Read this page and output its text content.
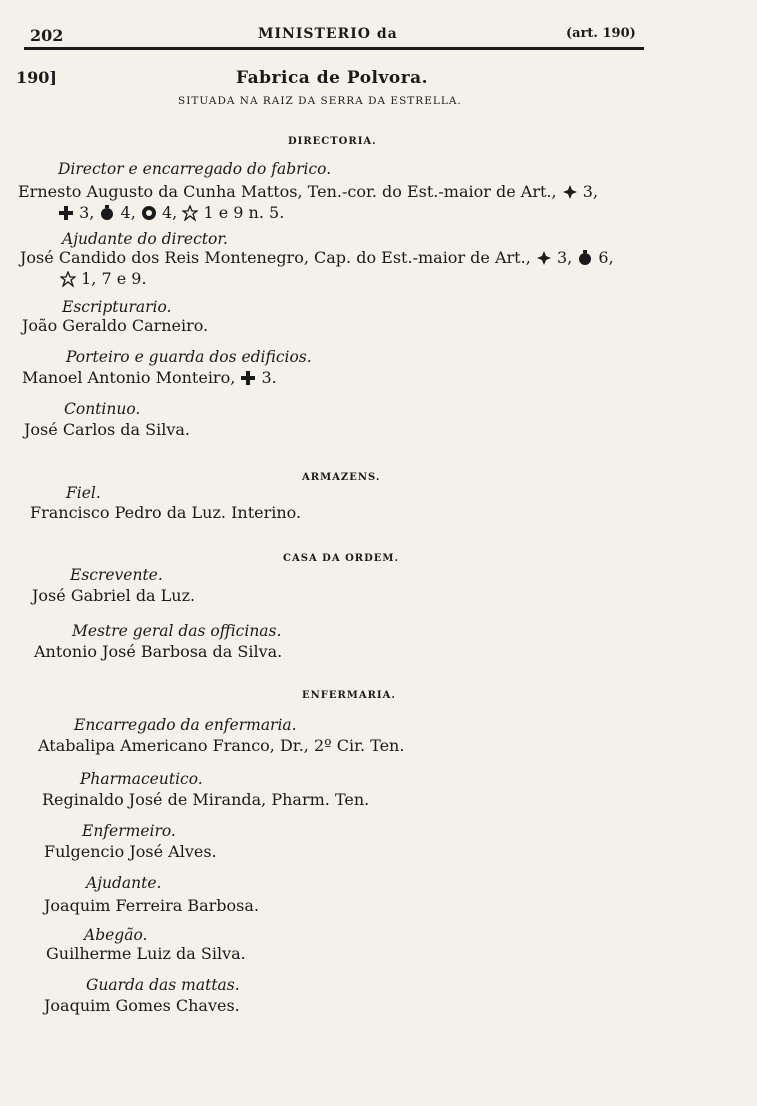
202	MINISTERIO da	(art. 190)
190]	Fabrica de Polvora.
SITUADA NA RAIZ DA SERRA DA ESTRELLA.
DIRECTORIA.
Director e encarregado do fabrico.
Ernesto Augusto da Cunha Mattos, Ten.-cor. do Est.-maior de Art., 3,
3, 4, 4, 1 e 9 n. 5.
Ajudante do director.
José Candido dos Reis Montenegro, Cap. do Est.-maior de Art., 3, 6,
1, 7 e 9.
Escripturario.
João Geraldo Carneiro.
Porteiro e guarda dos edificios.
Manoel Antonio Monteiro, 3.
Continuo.
José Carlos da Silva.
ARMAZENS.
Fiel.
Francisco Pedro da Luz. Interino.
CASA DA ORDEM.
Escrevente.
José Gabriel da Luz.
Mestre geral das officinas.
Antonio José Barbosa da Silva.
ENFERMARIA.
Encarregado da enfermaria.
Atabalipa Americano Franco, Dr., 2º Cir. Ten.
Pharmaceutico.
Reginaldo José de Miranda, Pharm. Ten.
Enfermeiro.
Fulgencio José Alves.
Ajudante.
Joaquim Ferreira Barbosa.
Abegão.
Guilherme Luiz da Silva.
Guarda das mattas.
Joaquim Gomes Chaves.
